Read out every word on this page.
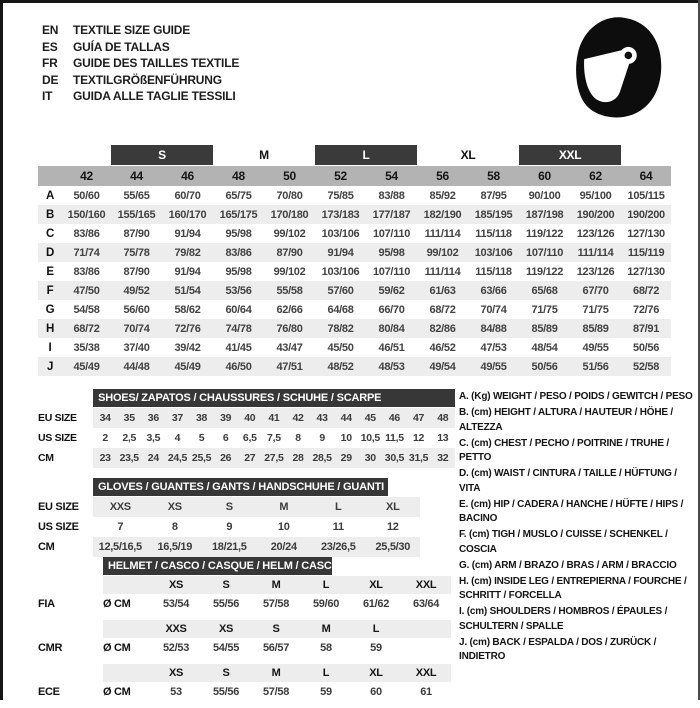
EN	TEXTILE SIZE GUIDE
ES	GUÍA DE TALLAS
FR	GUIDE DES TAILLES TEXTILE
DE	TEXTILGRÖßENFÜHRUNG
IT	GUIDA ALLE TAGLIE TESSILI

		S		M		L		XL		XXL		

	42	44	46	48	50	52	54	56	58	60	62	64
A	50/60	55/65	60/70	65/75	70/80	75/85	83/88	85/92	87/95	90/100	95/100	105/115
B	150/160	155/165	160/170	165/175	170/180	173/183	177/187	182/190	185/195	187/198	190/200	190/200
C	83/86	87/90	91/94	95/98	99/102	103/106	107/110	111/114	115/118	119/122	123/126	127/130
D	71/74	75/78	79/82	83/86	87/90	91/94	95/98	99/102	103/106	107/110	111/114	115/119
E	83/86	87/90	91/94	95/98	99/102	103/106	107/110	111/114	115/118	119/122	123/126	127/130
F	47/50	49/52	51/54	53/56	55/58	57/60	59/62	61/63	63/66	65/68	67/70	68/72
G	54/58	56/60	58/62	60/64	62/66	64/68	66/70	68/72	70/74	71/75	71/75	72/76
H	68/72	70/74	72/76	74/78	76/80	78/82	80/84	82/86	84/88	85/89	85/89	87/91
I	35/38	37/40	39/42	41/45	43/47	45/50	46/51	46/52	47/53	48/54	49/55	50/56
J	45/49	44/48	45/49	46/50	47/51	48/52	48/53	49/54	49/55	50/56	51/56	52/58

	SHOES/ ZAPATOS / CHAUSSURES / SCHUHE / SCARPE														

EU SIZE	34	35	36	37	38	39	40	41	42	43	44	45	46	47	48
US SIZE	2	2,5	3,5	4	5	6	6,5	7,5	8	9	10	10,5	11,5	12	13
CM	23	23,5	24	24,5	25,5	26	27	27,5	28	28,5	29	30	30,5	31,5	32

	GLOVES / GUANTES / GANTS / HANDSCHUHE / GUANTI					

EU SIZE	XXS	XS	S	M	L	XL
US SIZE	7	8	9	10	11	12
CM	12,5/16,5	16,5/19	18/21,5	20/24	23/26,5	25,5/30

	HELMET / CASCO / CASQUE / HELM / CASCO						

		XS	S	M	L	XL	XXL
FIA	Ø CM	53/54	55/56	57/58	59/60	61/62	63/64

		XXS	XS	S	M	L	
CMR	Ø CM	52/53	54/55	56/57	58	59	

		XS	S	M	L	XL	XXL
ECE	Ø CM	53	55/56	57/58	59	60	61

A. (Kg) WEIGHT / PESO / POIDS / GEWITCH / PESO
B. (cm) HEIGHT / ALTURA / HAUTEUR / HÖHE / ALTEZZA
C. (cm) CHEST / PECHO / POITRINE / TRUHE / PETTO
D. (cm) WAIST / CINTURA / TAILLE / HÜFTUNG / VITA
E. (cm) HIP / CADERA / HANCHE / HÜFTE / HIPS / BACINO
F. (cm) TIGH / MUSLO / CUISSE / SCHENKEL / COSCIA
G. (cm) ARM / BRAZO / BRAS / ARM / BRACCIO
H. (cm) INSIDE LEG / ENTREPIERNA / FOURCHE /
SCHRITT / FORCELLA
I. (cm) SHOULDERS / HOMBROS / ÉPAULES /
SCHULTERN / SPALLE
J. (cm) BACK / ESPALDA / DOS / ZURÜCK / INDIETRO
